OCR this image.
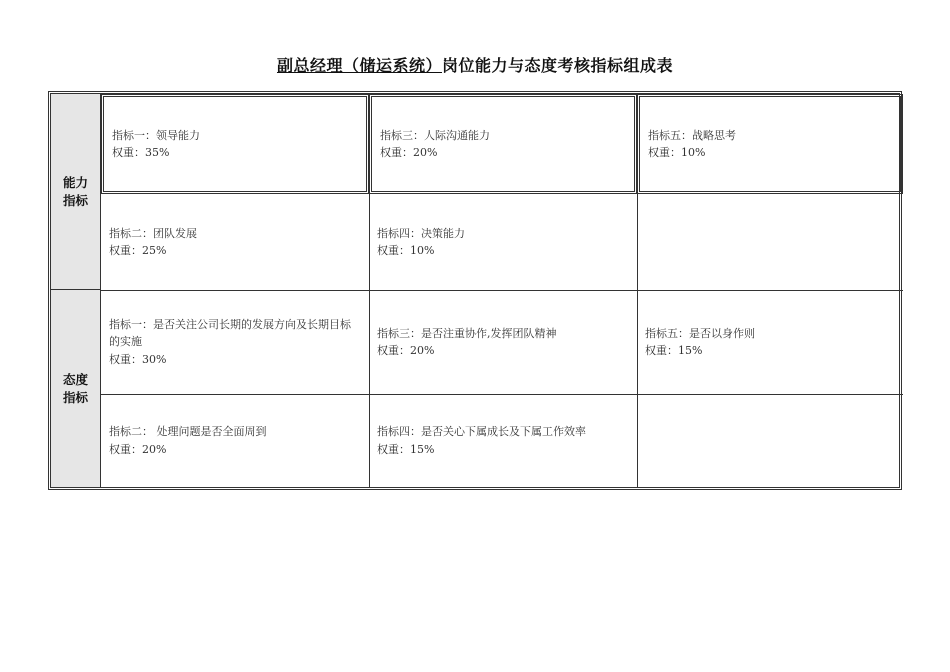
副总经理（储运系统）岗位能力与态度考核指标组成表
能力
指标
态度
指标
指标一：领导能力
权重：35%
指标三：人际沟通能力
权重：20%
指标五：战略思考
权重：10%
指标二：团队发展
权重：25%
指标四：决策能力
权重：10%
指标一：是否关注公司长期的发展方向及长期目标的实施
权重：30%
指标三：是否注重协作,发挥团队精神
权重：20%
指标五：是否以身作则
权重：15%
指标二： 处理问题是否全面周到
权重：20%
指标四：是否关心下属成长及下属工作效率
权重：15%
